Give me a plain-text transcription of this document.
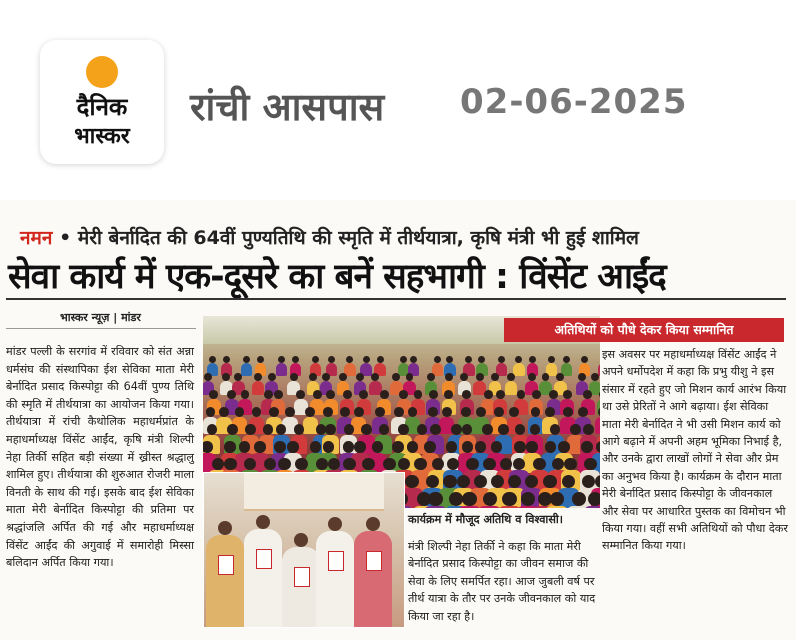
दैनिक
भास्कर
रांची आसपास 02-06-2025
नमन • मेरी बेर्नादित की 64वीं पुण्यतिथि की स्मृति में तीर्थयात्रा, कृषि मंत्री भी हुई शामिल
सेवा कार्य में एक-दूसरे का बनें सहभागी : विंसेंट आईंद
भास्कर न्यूज़ | मांडर
मांडर पल्ली के सरगांव में रविवार को संत अन्ना धर्मसंघ की संस्थापिका ईश सेविका माता मेरी बेर्नादित प्रसाद किस्पोट्टा की 64वीं पुण्य तिथि की स्मृति में तीर्थयात्रा का आयोजन किया गया। तीर्थयात्रा में रांची कैथोलिक महाधर्मप्रांत के महाधर्माध्यक्ष विंसेंट आईंद, कृषि मंत्री शिल्पी नेहा तिर्की सहित बड़ी संख्या में ख्रीस्त श्रद्धालु शामिल हुए। तीर्थयात्रा की शुरुआत रोजरी माला विनती के साथ की गई। इसके बाद ईश सेविका माता मेरी बेर्नादित किस्पोट्टा की प्रतिमा पर श्रद्धांजलि अर्पित की गई और महाधर्माध्यक्ष विंसेंट आईंद की अगुवाई में समारोही मिस्सा बलिदान अर्पित किया गया।
अतिथियों को पौधे देकर किया सम्मानित
कार्यक्रम में मौजूद अतिथि व विश्वासी।
मंत्री शिल्पी नेहा तिर्की ने कहा कि माता मेरी बेर्नादित प्रसाद किस्पोट्टा का जीवन समाज की सेवा के लिए समर्पित रहा। आज जुबली वर्ष पर तीर्थ यात्रा के तौर पर उनके जीवनकाल को याद किया जा रहा है।
इस अवसर पर महाधर्माध्यक्ष विंसेंट आईंद ने अपने धर्मोपदेश में कहा कि प्रभु यीशु ने इस संसार में रहते हुए जो मिशन कार्य आरंभ किया था उसे प्रेरितों ने आगे बढ़ाया। ईश सेविका माता मेरी बेर्नादित ने भी उसी मिशन कार्य को आगे बढ़ाने में अपनी अहम भूमिका निभाई है, और उनके द्वारा लाखों लोगों ने सेवा और प्रेम का अनुभव किया है। कार्यक्रम के दौरान माता मेरी बेर्नादित प्रसाद किस्पोट्टा के जीवनकाल और सेवा पर आधारित पुस्तक का विमोचन भी किया गया। वहीं सभी अतिथियों को पौधा देकर सम्मानित किया गया।
